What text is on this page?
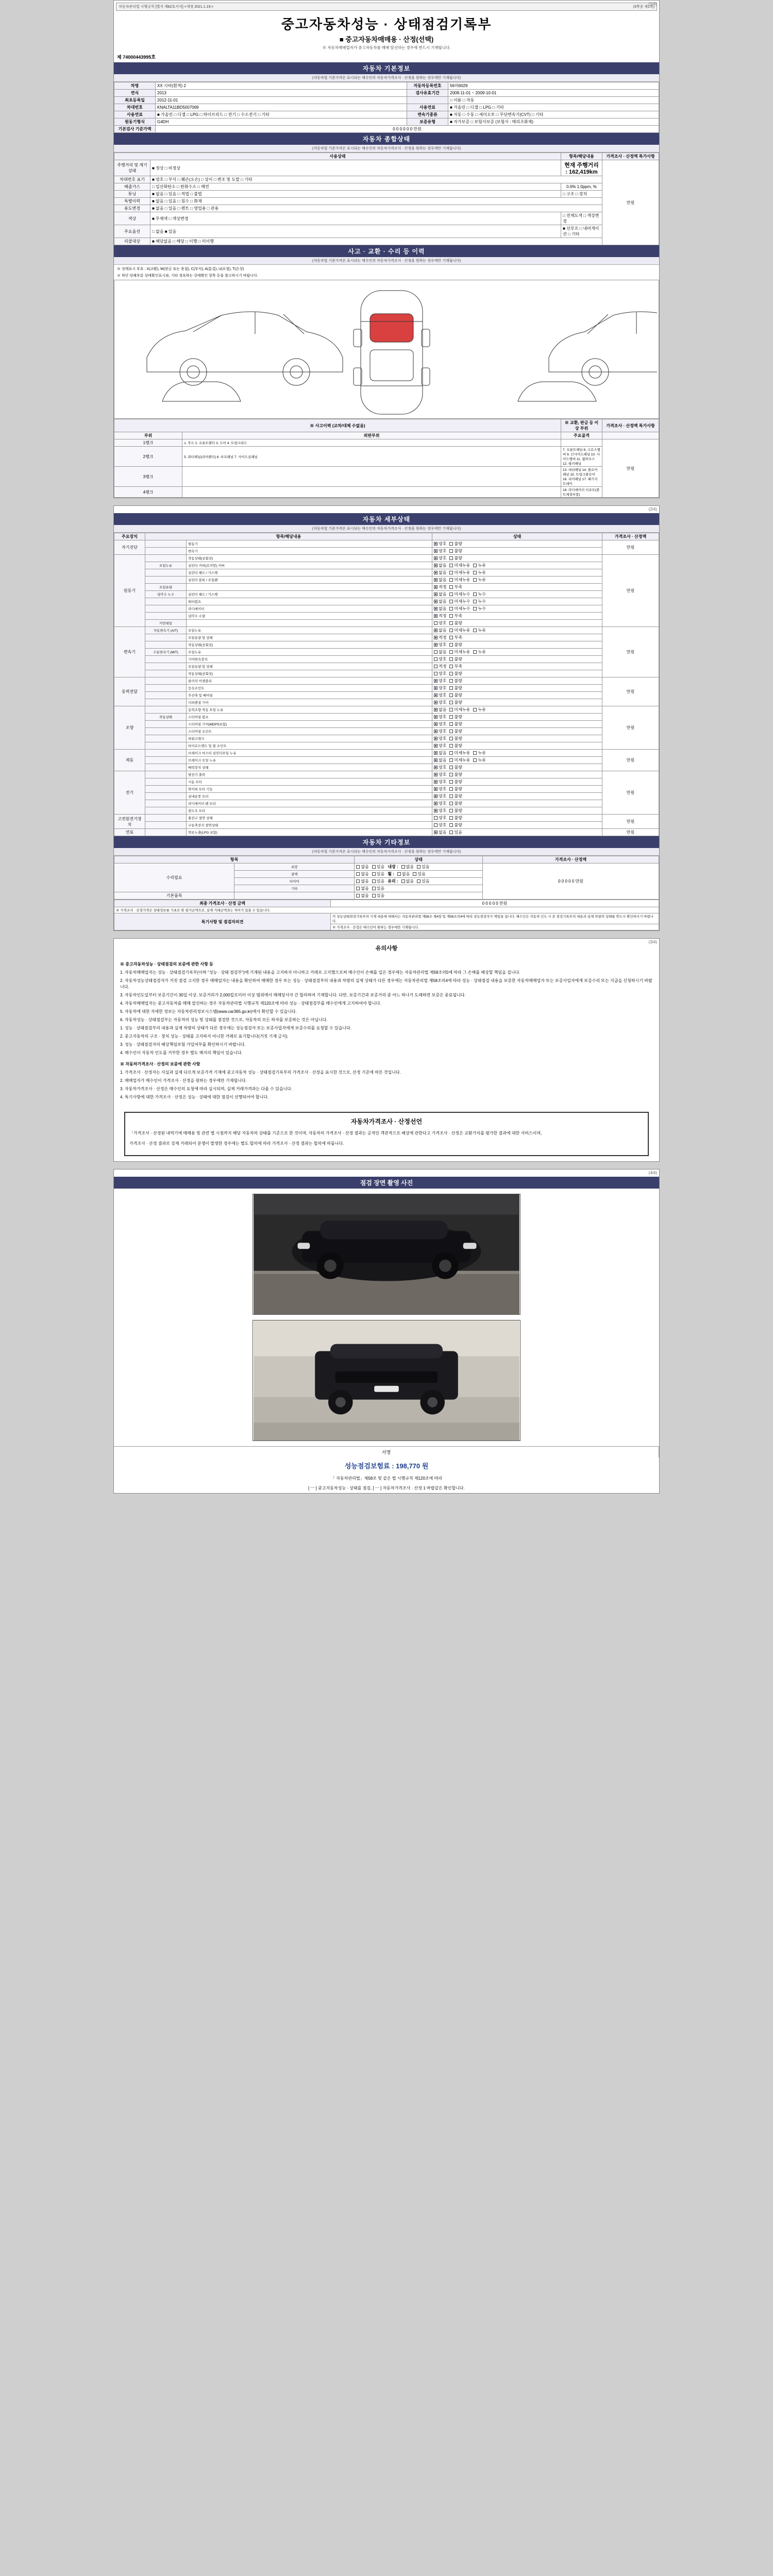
(1/4)
자동차관리법 시행규칙 [별지 제82호서식] <개정 2021.1.19.>	(3쪽중 제1쪽)
중고자동차성능 · 상태점검기록부
■ 중고자동차매매용 · 산정(선택)
※ 자동차매매업자가 중고자동차를 매매 알선하는 경우에 반드시 기재합니다.
제 74000443995호
자동차 기본정보
(자동차법 기준가격은 표시되는 매수인의 자동차가격조사 · 산정을 원하는 경우에만 기재됩니다)
차명	XX 시바(흰색) 2	자동차등록번호	56머6029
연식	2013	검사유효기간	2008-11-01 ~ 2009-10-01
최초등록일	2012-11-01		□ 이륜 □ 자동
차대번호	KNALTA11BD5007069	사용연료	■ 가솔린 □ 디젤 □ LPG □ 기타
사용연료	■ 가솔린 □ 디젤 □ LPG □ 하이브리드 □ 전기 □ 수소전기 □ 기타	변속기종류	■ 자동 □ 수동 □ 세미오토 □ 무단변속기(CVT) □ 기타
원동기형식	G4DH	보증유형	■ 자가보증 □ 보험사보증 (보험사 : 메리츠화재)
기본검사 기준가액	0 0 0 0 0 0 만원		
자동차 종합상태
(자동차법 기준가격은 표시되는 매수인의 자동차가격조사 · 산정을 원하는 경우에만 기재됩니다)
사용상태		항목/해당내용	가격조사 · 산정액 특가사항
주행거리 및 계기상태	■ 정상 □ 비정상	현재 주행거리 : 162,419km	만원
차대번호 표기	■ 양호 □ 부식 □ 훼손(오손) □ 상이 □ 변조 및 도말 □ 기타		
배출가스	□ 일산화탄소 □ 탄화수소 □ 매연	0.0% 1.0ppm, %	
튜닝	■ 없음 □ 있음 □ 적법 □ 불법	□ 구조 □ 장치	
특별이력	■ 없음 □ 있음 □ 침수 □ 화재		
용도변경	■ 없음 □ 있음 □ 렌트 □ 영업용 □ 관용		
색상	■ 무채색 □ 색상변경	□ 전체도색 □ 색상변경	
주요옵션	□ 없음 ■ 있음	■ 선루프 □ 내비게이션 □ 기타	
리콜대상	■ 해당없음 □ 해당 □ 이행 □ 미이행		
사고 · 교환 · 수리 등 이력
(자동차법 기준가격은 표시되는 매수인의 자동차가격조사 · 산정을 원하는 경우에만 기재됩니다)
※ 상태표시 부호 : X(교환), W(판금 또는 용접), C(부식), A(흠집), U(요철), T(손상)
※ 하단 당해부분 상태확인표시와, 기타 정보하는 상태확인 항목 등을 참고하시기 바랍니다.
※ 사고이력 (교차/대체 수없음)		※ 교환, 판금 등 이상 부위	가격조사 · 산정액 특가사항
부위	외판부위	주요골격	
1랭크	1. 후드 2. 프론트펜더 3. 도어 4. 트렁크리드		만원
2랭크	5. 쿼터패널(리어펜더) 6. 루프패널 7. 사이드실패널	7. 프론트패널 8. 크로스멤버 9. 인사이드패널 10. 사이드멤버 11. 휠하우스 12. 필러패널	
3랭크		13. 대쉬패널 14. 플로어패널 15. 트렁크플로어 16. 리어패널 17. 패키지트레이	
4랭크		18. 라디에이터 서포트(볼트체결부품)	
(2/4)
자동차 세부상태
(자동차법 기준가격은 표시되는 매수인의 자동차가격조사 · 산정을 원하는 경우에만 기재됩니다)
주요장치	항목/해당내용		상태	가격조사 · 산정액
자기진단		원동기	양호 불량	만원
		변속기	양호 불량	
원동기		작동상태(공회전)	양호 불량	만원
	오일누유	실린더 커버(로커암) 커버	없음 미세누유 누유	
		실린더 헤드 / 가스켓	없음 미세누유 누유	
		실린더 블록 / 오일팬	없음 미세누유 누유	
	오일유량		적정 부족	
	냉각수 누수	실린더 헤드 / 가스켓	없음 미세누수 누수	
		워터펌프	없음 미세누수 누수	
		라디에이터	없음 미세누수 누수	
		냉각수 수량	적정 부족	
	커먼레일		양호 불량	
변속기	자동변속기 (A/T)	오일누유	없음 미세누유 누유	만원
		오일유량 및 상태	적정 부족	
		작동상태(공회전)	양호 불량	
	수동변속기 (M/T)	오일누유	없음 미세누유 누유	
		기어변속장치	양호 불량	
		오일유량 및 상태	적정 부족	
		작동상태(공회전)	양호 불량	
동력전달		클러치 어셈블리	양호 불량	만원
		등속조인트	양호 불량	
		추진축 및 베어링	양호 불량	
		디퍼렌셜 기어	양호 불량	
조향		동력조향 작동 오일 누유	없음 미세누유 누유	만원
	작동상태	스티어링 펌프	양호 불량	
		스티어링 기어(MDPS포함)	양호 불량	
		스티어링 조인트	양호 불량	
		파워크랭크	양호 불량	
		타이로드엔드 및 볼 조인트	양호 불량	
제동		브레이크 마스터 실린더오일 누유	없음 미세누유 누유	만원
		브레이크 오일 누유	없음 미세누유 누유	
		배력장치 상태	양호 불량	
전기		발전기 출력	양호 불량	만원
		시동 모터	양호 불량	
		와이퍼 모터 기능	양호 불량	
		실내송풍 모터	양호 불량	
		라디에이터 팬 모터	양호 불량	
		윈도우 모터	양호 불량	
고전원전기장치		충전구 절연 상태	양호 불량	만원
		구동축전지 절연상태	양호 불량	
연료		연료누출(LPG 포함)	없음 있음	만원
자동차 기타정보
(자동차법 기준가격은 표시되는 매수인의 자동차가격조사 · 산정을 원하는 경우에만 기재됩니다)
항목		상태	가격조사 · 산정액
수리필요	외장	없음 있음 내장 :없음 있음	0 0 0 0 0 만원
	광택	없음 있음 휠 :없음 있음	
	타이어	없음 있음 유리 :없음 있음	
	기타	없음 있음	
기본품목		없음 있음	
최종 가격조사 · 산정 금액	0 0 0 0 0 만원
※ 가격조사 · 산정가격은 상태정보를 기초로 한 평가금액으로, 실제 거래금액과는 차이가 있을 수 있습니다.	
특기사항 및 점검자의견	이 성능상태점검기록부의 기재 내용에 대해서는 자동차관리법 제58조 제4항 및 제58조의4에 따라 성능점검자가 책임을 집니다. 매수인은 자동차 인도 시 본 점검기록부의 내용과 실제 차량의 상태를 반드시 확인하시기 바랍니다.
	※ 가격조사 · 산정은 매수인이 원하는 경우에만 기재됩니다.
(3/4)
유의사항

※ 중고자동차성능 · 상태점검의 보증에 관한 사항 등

1. 자동차매매업자는 성능 · 상태점검기록부(이하 "성능 · 상태 점검부")에 기재된 내용을 고지하지 아니하고 거래로 고지했으로써 매수인이 손해를 입은 경우에는 자동차관리법 제58조의5에 따라 그 손해를 배상할 책임을 집니다.

2. 자동차성능상태점검자가 거짓 점검 고지한 경우 매매업자는 내용을 확인하여 매매한 경우 또는 성능 · 상태점검부의 내용과 차량의 실제 상태가 다른 경우에는 자동차관리법 제58조의4에 따라 성능 · 상태점검 내용을 보증한 자동차매매업자 또는 보증사업자에게 보증수리 또는 지급을 신청하시기 바랍니다.

3. 자동차인도일부터 보증기간이 30일 이상, 보증거리가 2,000킬로미터 이상 범위에서 매매당사자 간 합의하여 기재합니다. 다만, 보증기간과 보증거리 중 어느 하나가 도래하면 보증은 종료됩니다.

4. 자동차매매업자는 중고자동차를 매매 알선하는 경우 자동차관리법 시행규칙 제120조에 따라 성능 · 상태점검부를 매수인에게 고지하여야 합니다.

5. 자동차에 대한 자세한 정보는 자동차관리정보시스템(www.car365.go.kr)에서 확인할 수 있습니다.

6. 자동차성능 · 상태점검부는 자동차의 성능 및 상태를 점검한 것으로, 자동차의 모든 하자를 보증하는 것은 아닙니다.

1. 성능 · 상태점검부의 내용과 실제 차량의 상태가 다른 경우에는 성능점검자 또는 보증사업자에게 보증수리를 요청할 수 있습니다.

2. 중고자동차의 구조 · 장치 성능 · 상태를 고지하지 아니한 거래로 표기합니다(거짓 기재 금지).

3. 성능 · 상태점검자의 배상책임보험 가입여부를 확인하시기 바랍니다.

4. 매수인이 자동차 인도를 거부한 경우 별도 해지의 책임이 있습니다.

※ 자동차가격조사 · 산정의 보증에 관한 사항

1. 가격조사 · 산정자는 사실과 실제 다르게 보증가격 기재에 중고자동차 성능 · 상태점검기록부의 가격조사 · 산정을 표시한 것으로, 산정 기준에 따른 것입니다.

2. 매매업자가 매수인이 가격조사 · 산정을 원하는 경우에만 기재됩니다.

3. 자동차가격조사 · 산정은 매수인의 요청에 따라 실시되며, 실제 거래가격과는 다를 수 있습니다.

4. 특기사항에 대한 가격조사 · 산정은 성능 · 상태에 대한 점검이 선행되어야 합니다.

자동차가격조사 · 산정선언

「가격조사 · 산정된 내역기에 매매용 및 관련 별 시점까지 해당 자동차의 상태를 기준으로 한 것이며, 자동차의 가격조사 · 산정 결과는 공적인 객관적으로 배상에 관한다고 가격조사 · 산정은 교환가치를 평가한 결과에 대한 서비스이며,

가격조사 · 산정 결과로 강제 거래되어 분쟁이 발생한 경우에는 별도 합의에 따라 가격조사 · 산정 결과는 합의에 따릅니다.

(4/4)
점검 장면 촬영 사진
서명
성능점검보험료 : 198,770 원
「 자동차관리법」제58조 및 같은 법 시행규칙 제120조에 따라
[ ㅡ ] 중고자동차성능 · 상태를 점검, [ ㅡ ] 자동차가격조사 · 산정 1 바랍같은 확인합니다.
